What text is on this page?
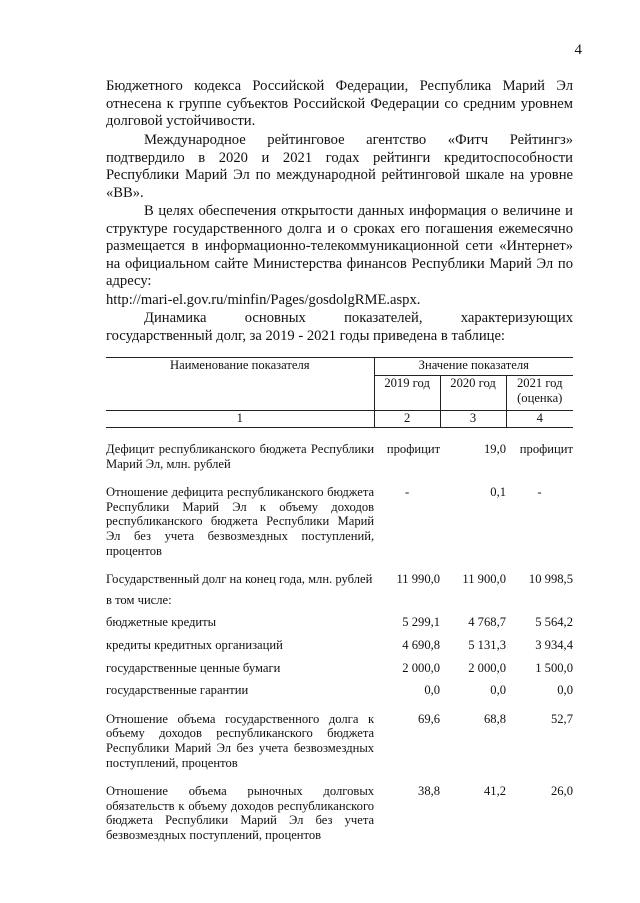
4

Бюджетного кодекса Российской Федерации, Республика Марий Эл отнесена к группе субъектов Российской Федерации со средним уровнем долговой устойчивости.

Международное рейтинговое агентство «Фитч Рейтингз» подтвердило в 2020 и 2021 годах рейтинги кредитоспособности Республики Марий Эл по международной рейтинговой шкале на уровне «BB».

В целях обеспечения открытости данных информация о величине и структуре государственного долга и о сроках его погашения ежемесячно размещается в информационно-телекоммуникационной сети «Интернет» на официальном сайте Министерства финансов Республики Марий Эл по адресу:

http://mari-el.gov.ru/minfin/Pages/gosdolgRME.aspx.

Динамика основных показателей, характеризующих государственный долг, за 2019 - 2021 годы приведена в таблице:

Наименование показателя	Значение показателя		
	2019 год	2020 год	2021 год (оценка)
1	2	3	4

Дефицит республиканского бюджета Республики Марий Эл, млн. рублей	профицит	19,0	профицит

Отношение дефицита республиканского бюджета Республики Марий Эл к объему доходов республиканского бюджета Республики Марий Эл без учета безвозмездных поступлений, процентов	-	0,1	-

Государственный долг на конец года, млн. рублей	11 990,0	11 900,0	10 998,5
в том числе:			
бюджетные кредиты	5 299,1	4 768,7	5 564,2
кредиты кредитных организаций	4 690,8	5 131,3	3 934,4
государственные ценные бумаги	2 000,0	2 000,0	1 500,0
государственные гарантии	0,0	0,0	0,0

Отношение объема государственного долга к объему доходов республиканского бюджета Республики Марий Эл без учета безвозмездных поступлений, процентов	69,6	68,8	52,7

Отношение объема рыночных долговых обязательств к объему доходов республиканского бюджета Республики Марий Эл без учета безвозмездных поступлений, процентов	38,8	41,2	26,0
